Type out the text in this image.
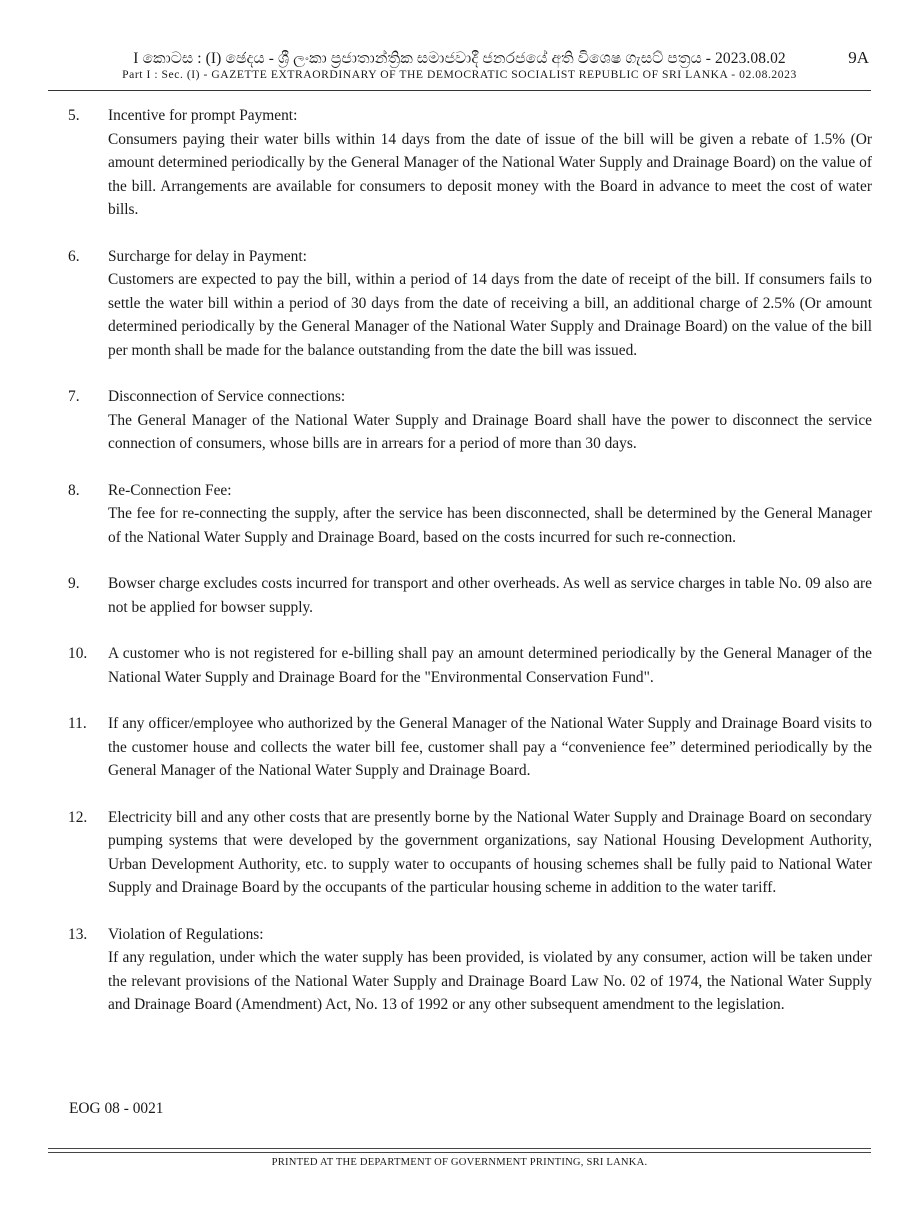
I කොටස : (I) ඡෙදය - ශ්‍රී ලංකා ප්‍රජාතාන්ත්‍රික සමාජවාදී ජනරජයේ අති විශෙෂ ගැසට් පත්‍රය - 2023.08.02	9A
Part I : Sec. (I) - GAZETTE EXTRAORDINARY OF THE DEMOCRATIC SOCIALIST REPUBLIC OF SRI LANKA - 02.08.2023
5.	Incentive for prompt Payment:
Consumers paying their water bills within 14 days from the date of issue of the bill will be given a rebate of 1.5% (Or amount determined periodically by the General Manager of the National Water Supply and Drainage Board) on the value of the bill. Arrangements are available for consumers to deposit money with the Board in advance to meet the cost of water bills.
6.	Surcharge for delay in Payment:
Customers are expected to pay the bill, within a period of 14 days from the date of receipt of the bill. If consumers fails to settle the water bill within a period of 30 days from the date of receiving a bill, an additional charge of 2.5% (Or amount determined periodically by the General Manager of the National Water Supply and Drainage Board) on the value of the bill per month shall be made for the balance outstanding from the date the bill was issued.
7.	Disconnection of Service connections:
The General Manager of the National Water Supply and Drainage Board shall have the power to disconnect the service connection of consumers, whose bills are in arrears for a period of more than 30 days.
8.	Re-Connection Fee:
The fee for re-connecting the supply, after the service has been disconnected, shall be determined by the General Manager of the National Water Supply and Drainage Board, based on the costs incurred for such re-connection.
9.	Bowser charge excludes costs incurred for transport and other overheads. As well as service charges in table No. 09 also are not be applied for bowser supply.
10.	A customer who is not registered for e-billing shall pay an amount determined periodically by the General Manager of the National Water Supply and Drainage Board for the "Environmental Conservation Fund".
11.	If any officer/employee who authorized by the General Manager of the National Water Supply and Drainage Board visits to the customer house and collects the water bill fee, customer shall pay a “convenience fee” determined periodically by the General Manager of the National Water Supply and Drainage Board.
12.	Electricity bill and any other costs that are presently borne by the National Water Supply and Drainage Board on secondary pumping systems that were developed by the government organizations, say National Housing Development Authority, Urban Development Authority, etc. to supply water to occupants of housing schemes shall be fully paid to National Water Supply and Drainage Board by the occupants of the particular housing scheme in addition to the water tariff.
13.	Violation of Regulations:
If any regulation, under which the water supply has been provided, is violated by any consumer, action will be taken under the relevant provisions of the National Water Supply and Drainage Board Law No. 02 of 1974, the National Water Supply and Drainage Board (Amendment) Act, No. 13 of 1992 or any other subsequent amendment to the legislation.
EOG 08 - 0021
PRINTED AT THE DEPARTMENT OF GOVERNMENT PRINTING, SRI LANKA.
